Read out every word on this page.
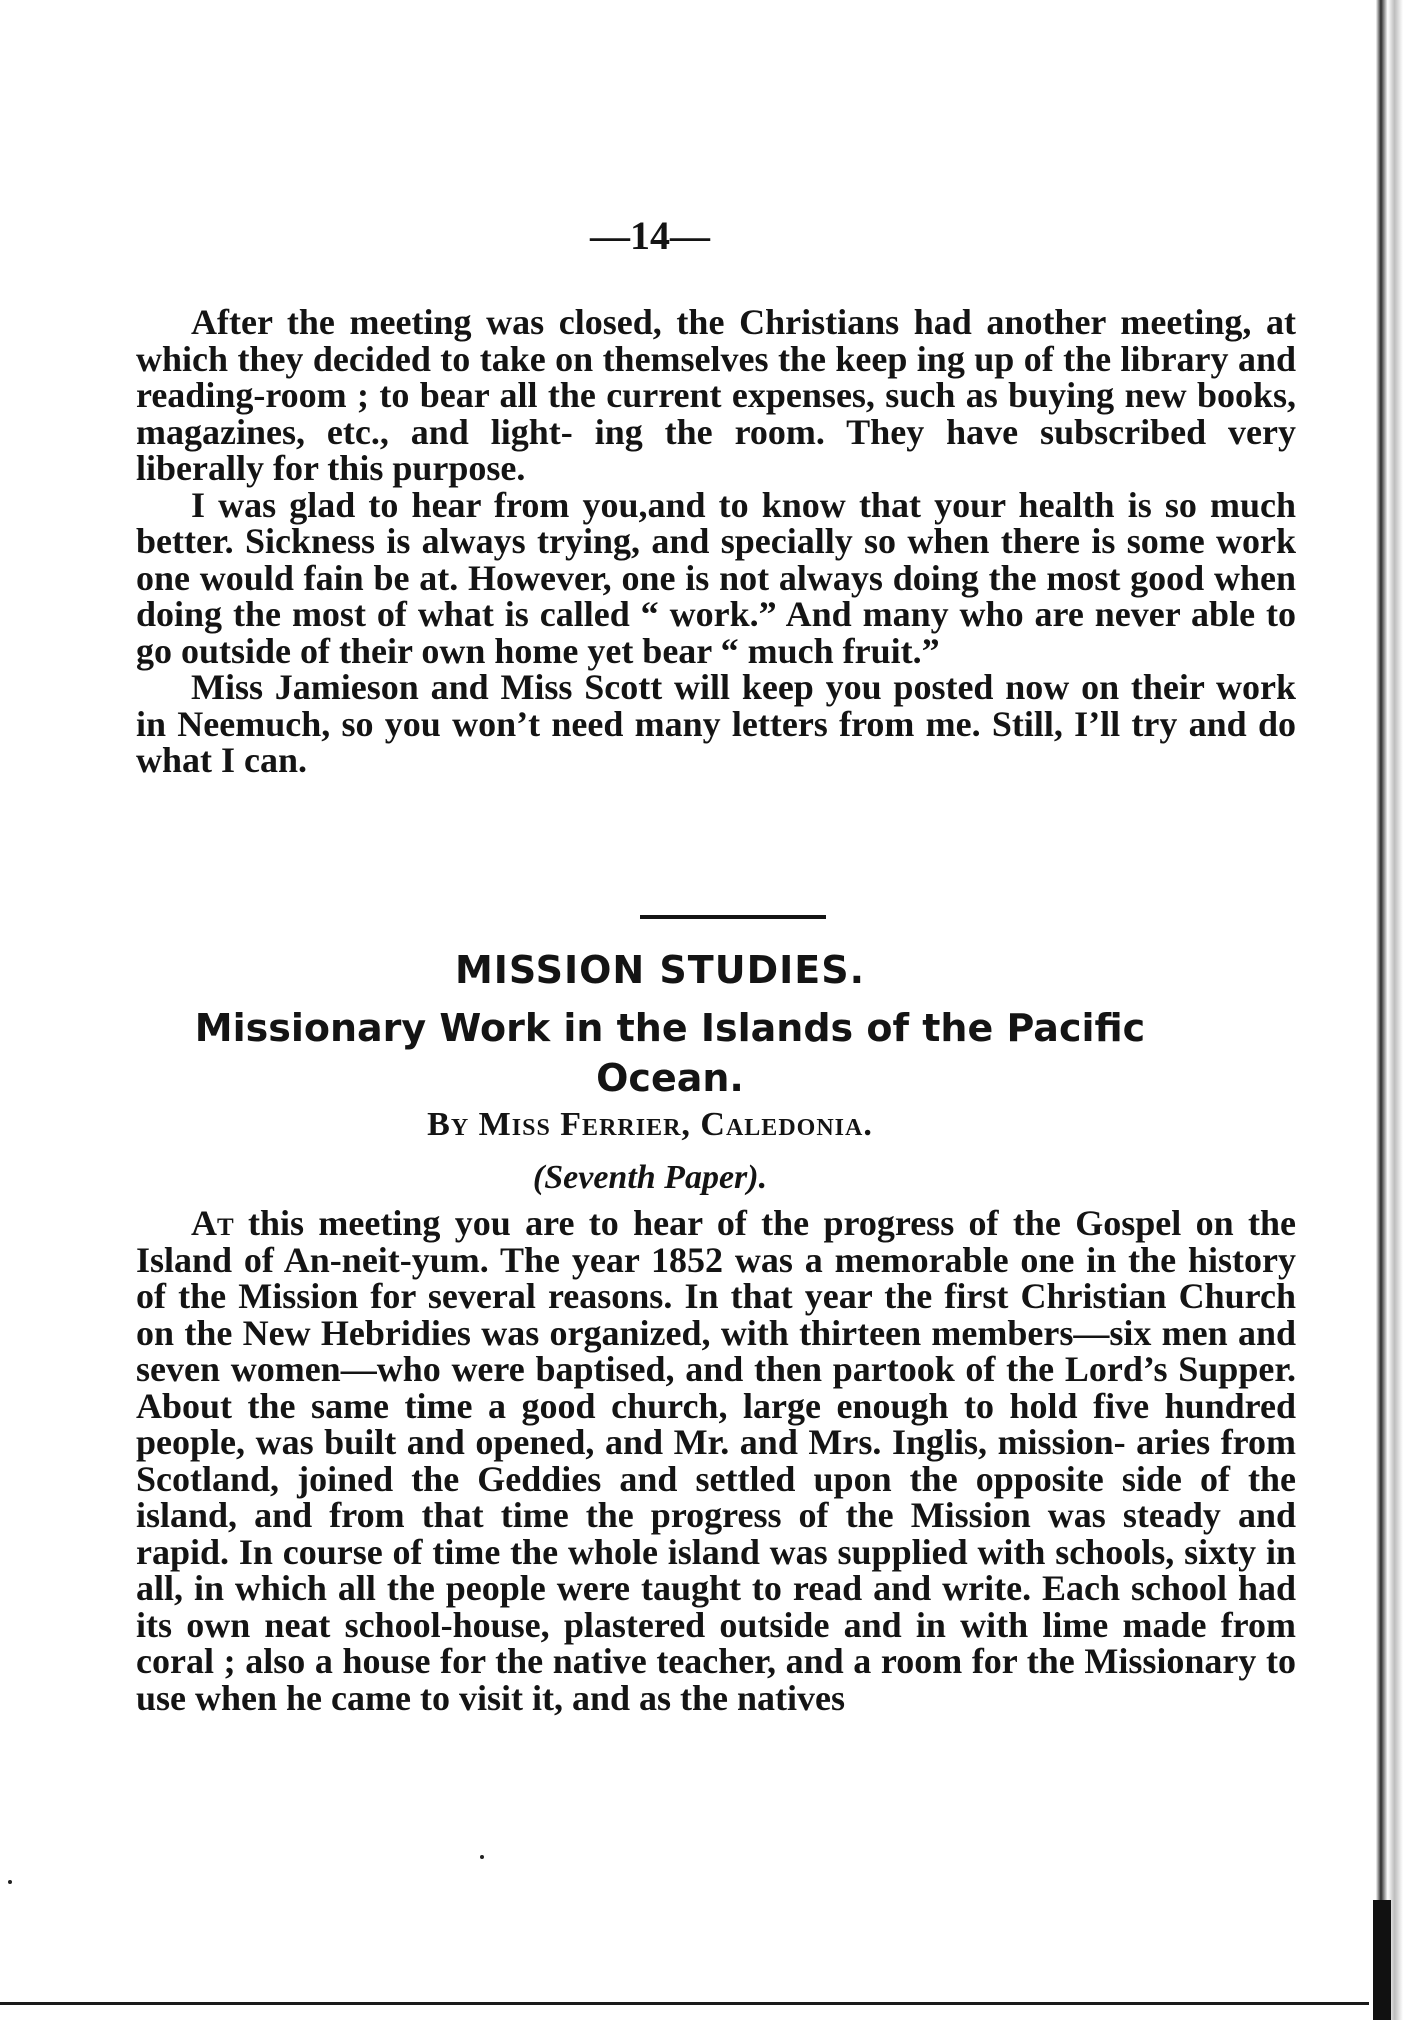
—14—

After the meeting was closed, the Christians had another meeting, at which they decided to take on themselves the keep ing up of the library and reading-room ; to bear all the current expenses, such as buying new books, magazines, etc., and light- ing the room. They have subscribed very liberally for this purpose.

I was glad to hear from you,and to know that your health is so much better. Sickness is always trying, and specially so when there is some work one would fain be at. However, one is not always doing the most good when doing the most of what is called “ work.” And many who are never able to go outside of their own home yet bear “ much fruit.”

Miss Jamieson and Miss Scott will keep you posted now on their work in Neemuch, so you won’t need many letters from me. Still, I’ll try and do what I can.

MISSION STUDIES.
Missionary Work in the Islands of the Pacific Ocean.
By Miss Ferrier, Caledonia.
(Seventh Paper).

At this meeting you are to hear of the progress of the Gospel on the Island of An-neit-yum. The year 1852 was a memorable one in the history of the Mission for several reasons. In that year the first Christian Church on the New Hebridies was organized, with thirteen members—six men and seven women—who were baptised, and then partook of the Lord’s Supper. About the same time a good church, large enough to hold five hundred people, was built and opened, and Mr. and Mrs. Inglis, mission- aries from Scotland, joined the Geddies and settled upon the opposite side of the island, and from that time the progress of the Mission was steady and rapid. In course of time the whole island was supplied with schools, sixty in all, in which all the people were taught to read and write. Each school had its own neat school-house, plastered outside and in with lime made from coral ; also a house for the native teacher, and a room for the Missionary to use when he came to visit it, and as the natives
